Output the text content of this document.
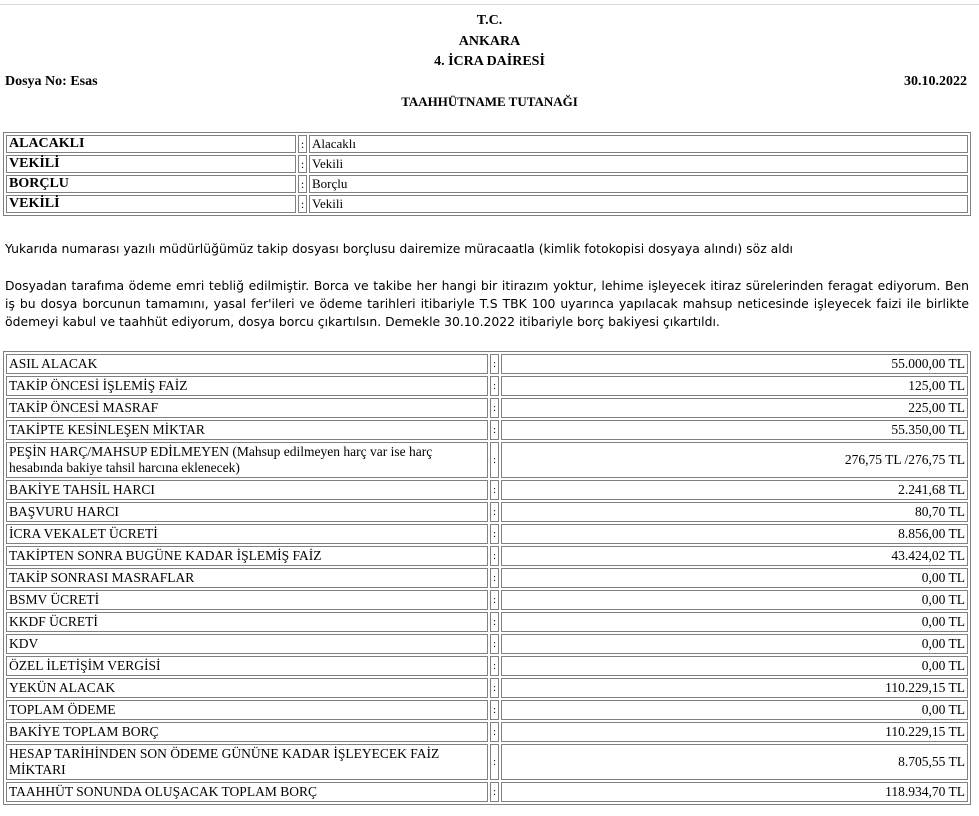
T.C.
ANKARA
4. İCRA DAİRESİ
Dosya No: Esas	30.10.2022
TAAHHÜTNAME TUTANAĞI
ALACAKLI	:	Alacaklı
VEKİLİ	:	Vekili
BORÇLU	:	Borçlu
VEKİLİ	:	Vekili
Yukarıda numarası yazılı müdürlüğümüz takip dosyası borçlusu dairemize müracaatla (kimlik fotokopisi dosyaya alındı) söz aldı
Dosyadan tarafıma ödeme emri tebliğ edilmiştir. Borca ve takibe her hangi bir itirazım yoktur, lehime işleyecek itiraz sürelerinden feragat ediyorum. Ben iş bu dosya borcunun tamamını, yasal fer'ileri ve ödeme tarihleri itibariyle T.S TBK 100 uyarınca yapılacak mahsup neticesinde işleyecek faizi ile birlikte ödemeyi kabul ve taahhüt ediyorum, dosya borcu çıkartılsın. Demekle 30.10.2022 itibariyle borç bakiyesi çıkartıldı.
ASIL ALACAK	:	55.000,00 TL
TAKİP ÖNCESİ İŞLEMİŞ FAİZ	:	125,00 TL
TAKİP ÖNCESİ MASRAF	:	225,00 TL
TAKİPTE KESİNLEŞEN MİKTAR	:	55.350,00 TL
PEŞİN HARÇ/MAHSUP EDİLMEYEN (Mahsup edilmeyen harç var ise harç hesabında bakiye tahsil harcına eklenecek)	:	276,75 TL /276,75 TL
BAKİYE TAHSİL HARCI	:	2.241,68 TL
BAŞVURU HARCI	:	80,70 TL
İCRA VEKALET ÜCRETİ	:	8.856,00 TL
TAKİPTEN SONRA BUGÜNE KADAR İŞLEMİŞ FAİZ	:	43.424,02 TL
TAKİP SONRASI MASRAFLAR	:	0,00 TL
BSMV ÜCRETİ	:	0,00 TL
KKDF ÜCRETİ	:	0,00 TL
KDV	:	0,00 TL
ÖZEL İLETİŞİM VERGİSİ	:	0,00 TL
YEKÜN ALACAK	:	110.229,15 TL
TOPLAM ÖDEME	:	0,00 TL
BAKİYE TOPLAM BORÇ	:	110.229,15 TL
HESAP TARİHİNDEN SON ÖDEME GÜNÜNE KADAR İŞLEYECEK FAİZ MİKTARI	:	8.705,55 TL
TAAHHÜT SONUNDA OLUŞACAK TOPLAM BORÇ	:	118.934,70 TL
